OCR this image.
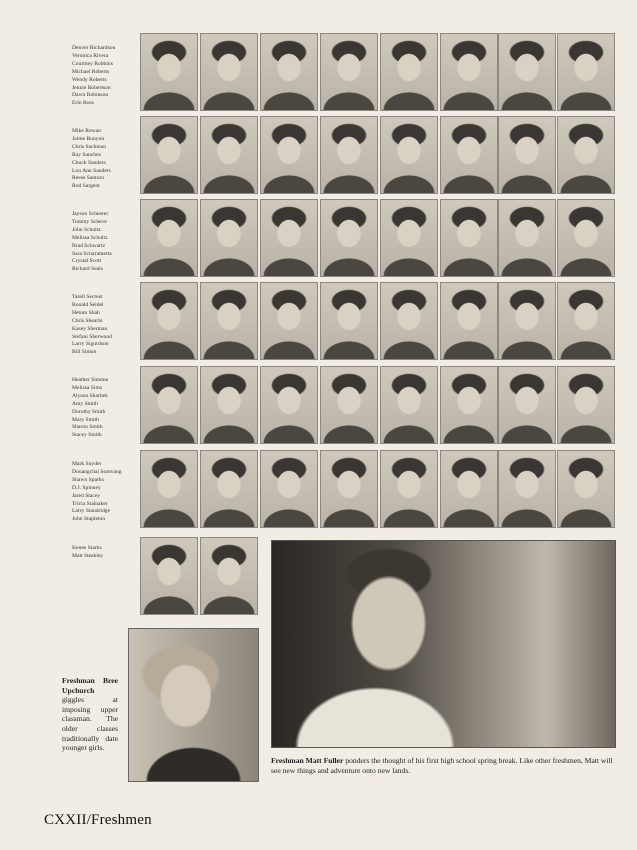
Denver Richardson
Veronica Rivera
Courtney Robbins
Michael Roberts
Wendy Roberts
Jennie Robertson
Dawn Robinson
Erin Ross
Mike Rowan
Jaime Runyon
Chris Sachman
Ray Sanchez
Chuck Sanders
Lou Ann Sanders
Reese Santoro
Rod Sargent
Jayson Scheerer
Tommy Scheve
John Schultz
Melissa Schultz
Brad Schwartz
Sara Sciarrametta
Crystal Scott
Richard Seals
Tarell Secrest
Ronald Seidel
Hetum Shah
Chris Shearin
Kasey Sherman
Stefani Sherwood
Larry Sigurdson
Bill Simon
Heather Simone
Melissa Sims
Alyson Skarbek
Amy Smith
Dorothy Smith
Mary Smith
Sharon Smith
Stacey Smith
Mark Snyder
Douangchai Somvang
Shawn Sparks
D.J. Spinney
Jared Stacey
Tricia Stalnaker
Larry Standridge
John Stapleton
Kenee Starks
Matt Steakley
Freshman Bree Upchurch giggles at imposing upper classman. The older classes traditionally date younger girls.
Freshman Matt Fuller ponders the thought of his first high school spring break. Like other freshmen, Matt will see new things and adventure onto new lands.
CXXII/Freshmen
